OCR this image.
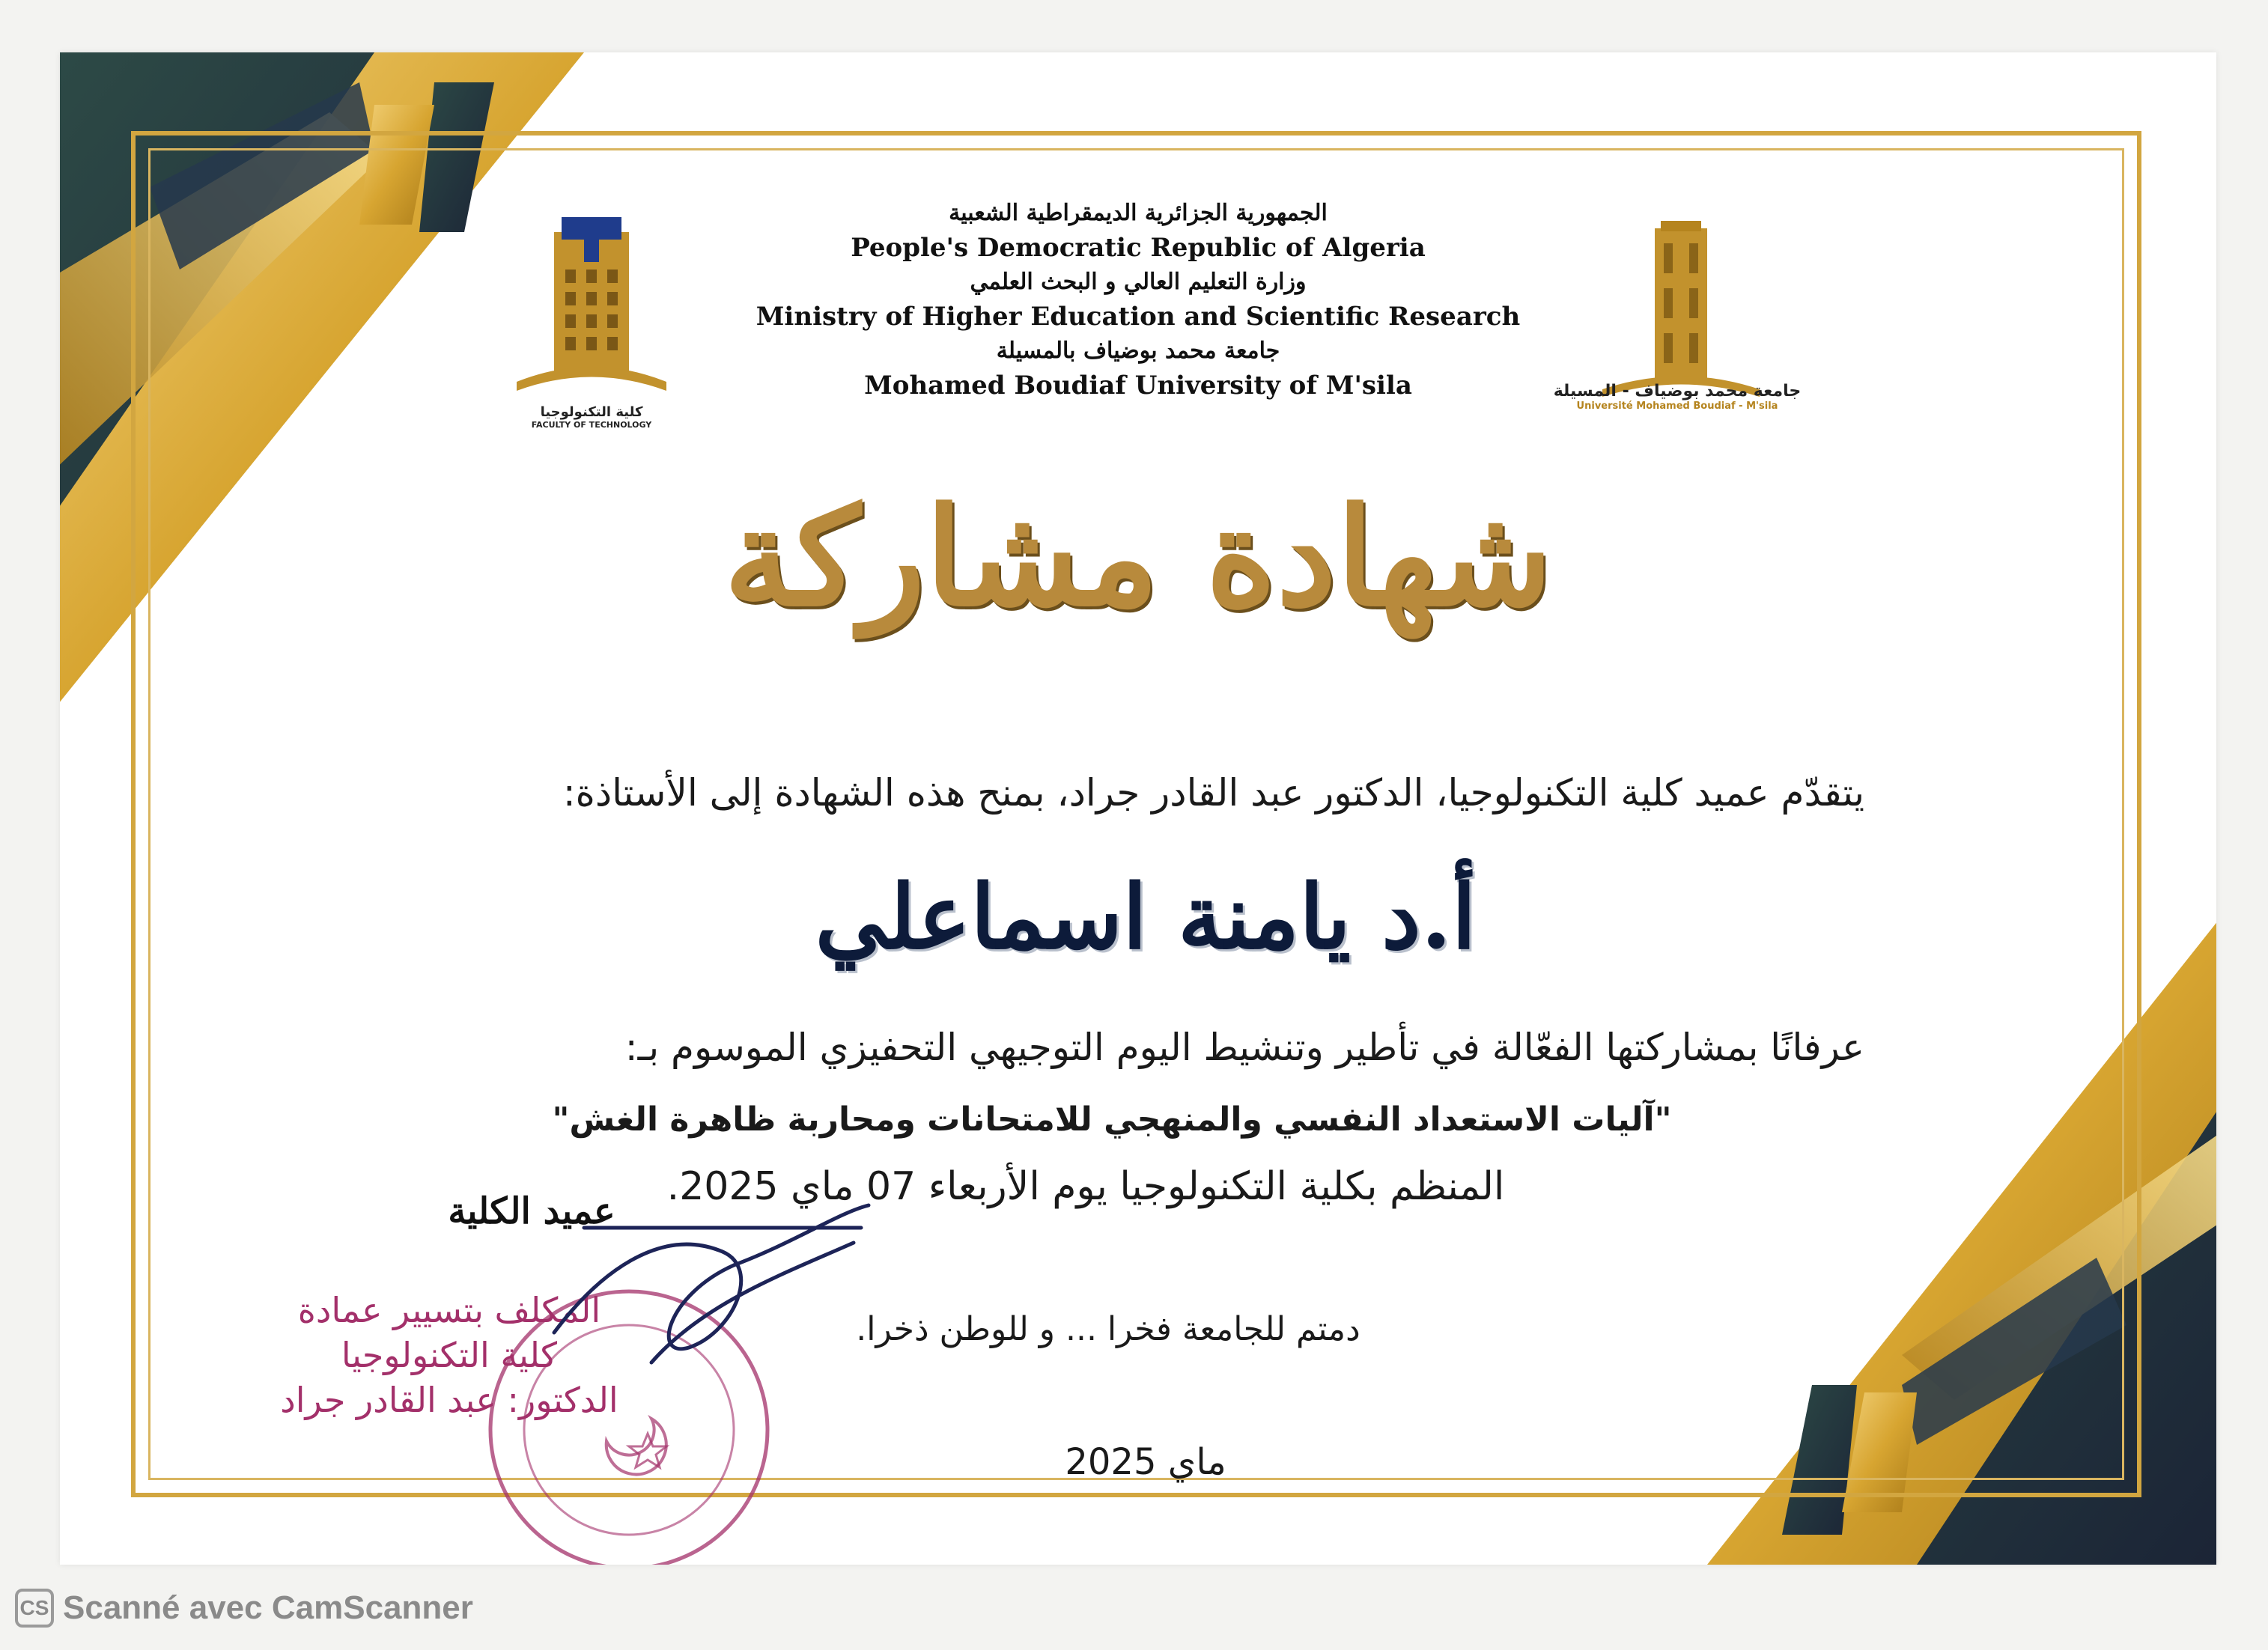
كلية التكنولوجيا
FACULTY OF TECHNOLOGY
جامعة محمد بوضياف - المسيلة
Université Mohamed Boudiaf - M'sila
الجمهورية الجزائرية الديمقراطية الشعبية
People's Democratic Republic of Algeria
وزارة التعليم العالي و البحث العلمي
Ministry of Higher Education and Scientific Research
جامعة محمد بوضياف بالمسيلة
Mohamed Boudiaf University of M'sila
شهادة مشاركة
يتقدّم عميد كلية التكنولوجيا، الدكتور عبد القادر جراد، بمنح هذه الشهادة إلى الأستاذة:
أ.د يامنة اسماعلي
عرفانًا بمشاركتها الفعّالة في تأطير وتنشيط اليوم التوجيهي التحفيزي الموسوم بـ:
"آليات الاستعداد النفسي والمنهجي للامتحانات ومحاربة ظاهرة الغش"
المنظم بكلية التكنولوجيا يوم الأربعاء 07 ماي 2025.
دمتم للجامعة فخرا ... و للوطن ذخرا.
ماي 2025
عميد الكلية
المكلف بتسيير عمادة
كلية التكنولوجيا
الدكتور: عبد القادر جراد
CS Scanné avec CamScanner
